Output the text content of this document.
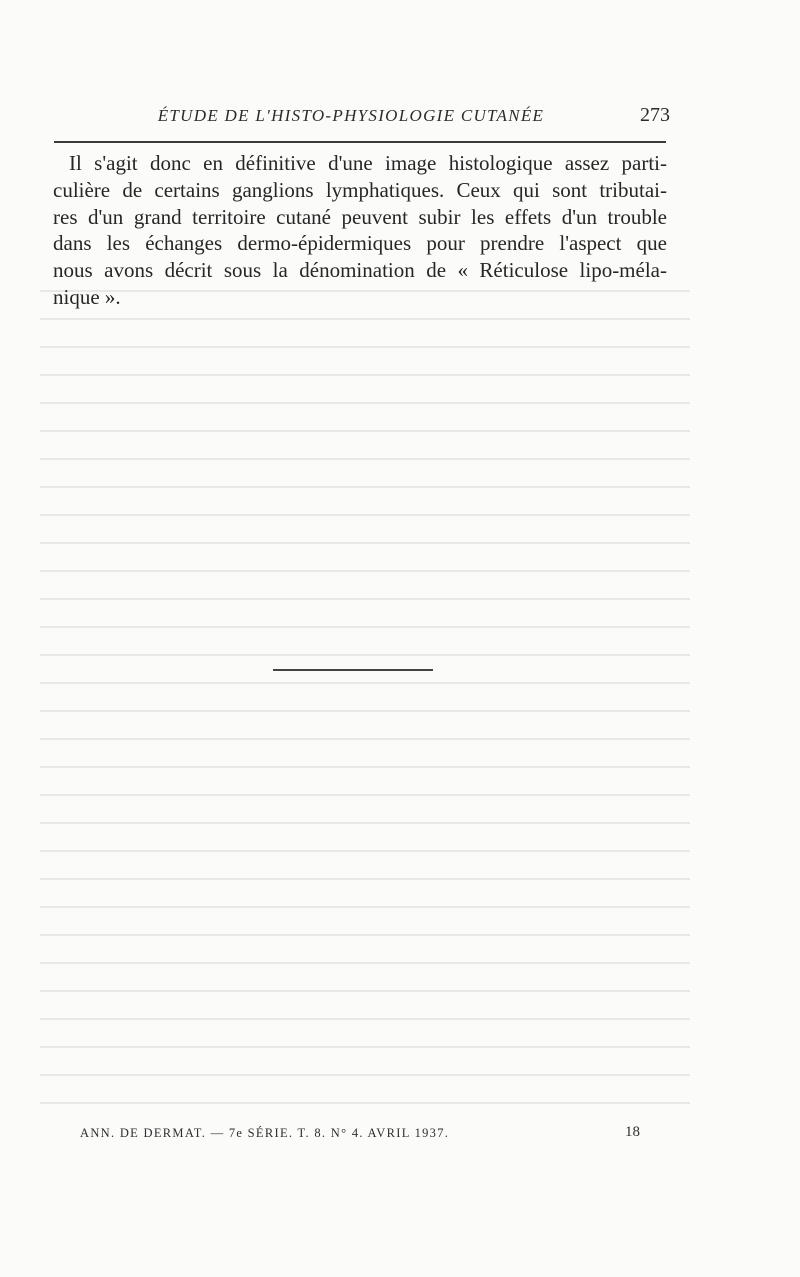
ÉTUDE DE L'HISTO-PHYSIOLOGIE CUTANÉE	273
Il s'agit donc en définitive d'une image histologique assez parti-
culière de certains ganglions lymphatiques. Ceux qui sont tributai-
res d'un grand territoire cutané peuvent subir les effets d'un trouble
dans les échanges dermo-épidermiques pour prendre l'aspect que
nous avons décrit sous la dénomination de « Réticulose lipo-méla-
nique ».
ANN. DE DERMAT. — 7e SÉRIE. T. 8. N° 4. AVRIL 1937.	18
